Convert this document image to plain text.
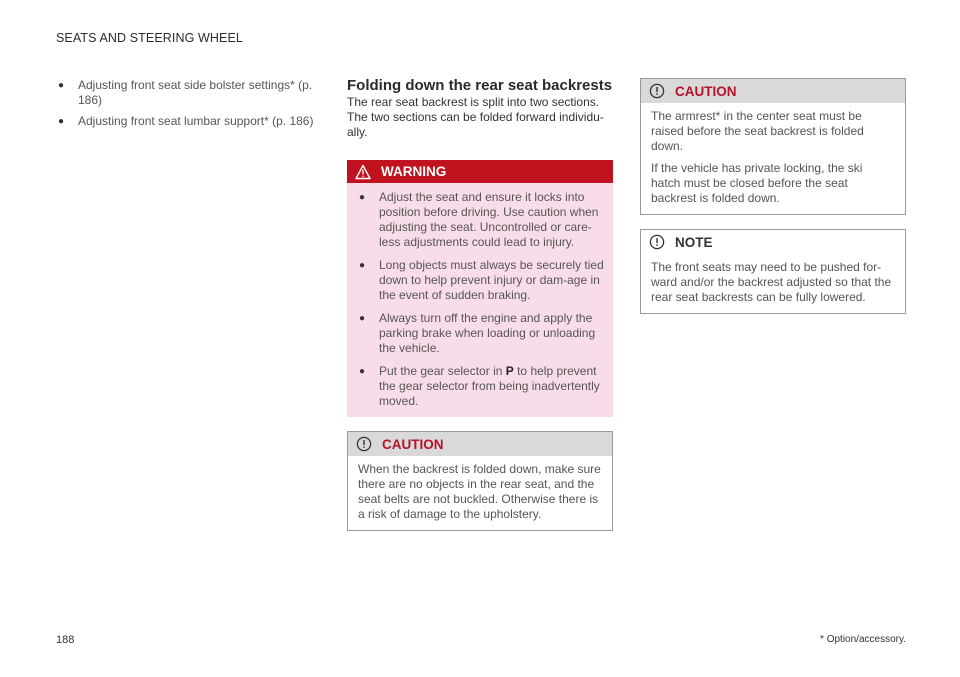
SEATS AND STEERING WHEEL
● Adjusting front seat side bolster settings* (p. 186)
● Adjusting front seat lumbar support* (p. 186)
Folding down the rear seat backrests

The rear seat backrest is split into two sections. The two sections can be folded forward individu-ally.

WARNING
● Adjust the seat and ensure it locks into position before driving. Use caution when adjusting the seat. Uncontrolled or care-less adjustments could lead to injury.
● Long objects must always be securely tied down to help prevent injury or dam-age in the event of sudden braking.
● Always turn off the engine and apply the parking brake when loading or unloading the vehicle.
● Put the gear selector in P to help prevent the gear selector from being inadvertently moved.
CAUTION

When the backrest is folded down, make sure there are no objects in the rear seat, and the seat belts are not buckled. Otherwise there is a risk of damage to the upholstery.

CAUTION

The armrest* in the center seat must be raised before the seat backrest is folded down.

If the vehicle has private locking, the ski hatch must be closed before the seat backrest is folded down.

NOTE

The front seats may need to be pushed for-ward and/or the backrest adjusted so that the rear seat backrests can be fully lowered.

188	* Option/accessory.
